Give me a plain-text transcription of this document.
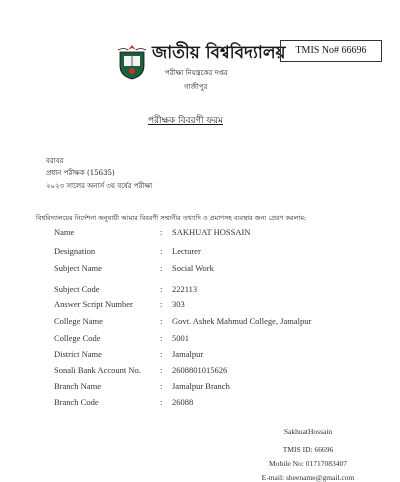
জাতীয় বিশ্ববিদ্যালয় TMIS No# 66696
পরীক্ষা নিয়ন্ত্রকের দপ্তর
গাজীপুর
পরীক্ষক বিবরণী ফরম
বরাবর
প্রধান পরীক্ষক (15635)
২০২৩ সালের অনার্স ৩য় বর্ষের পরীক্ষা
বিশ্ববিদ্যালয়ের নির্দেশনা অনুযায়ী আমার বিবরণী সম্মানীর তথ্যাদি ও প্রমাণসহ ব্যবস্থার জন্য প্রেরণ করলাম:
Name	: SAKHUAT HOSSAIN
Designation	: Lecturer
Subject Name	: Social Work
Subject Code	: 222113
Answer Script Number	: 303
College Name	: Govt. Ashek Mahmud College, Jamalpur
College Code	: 5001
District Name	: Jamalpur
Sonali Bank Account No. : 2608801015626
Branch Name	: Jamalpur Branch
Branch Code	: 26088
SakhuatHossain
TMIS ID: 66696
Mobile No: 01717083407
E-mail: sheename@gmail.com
